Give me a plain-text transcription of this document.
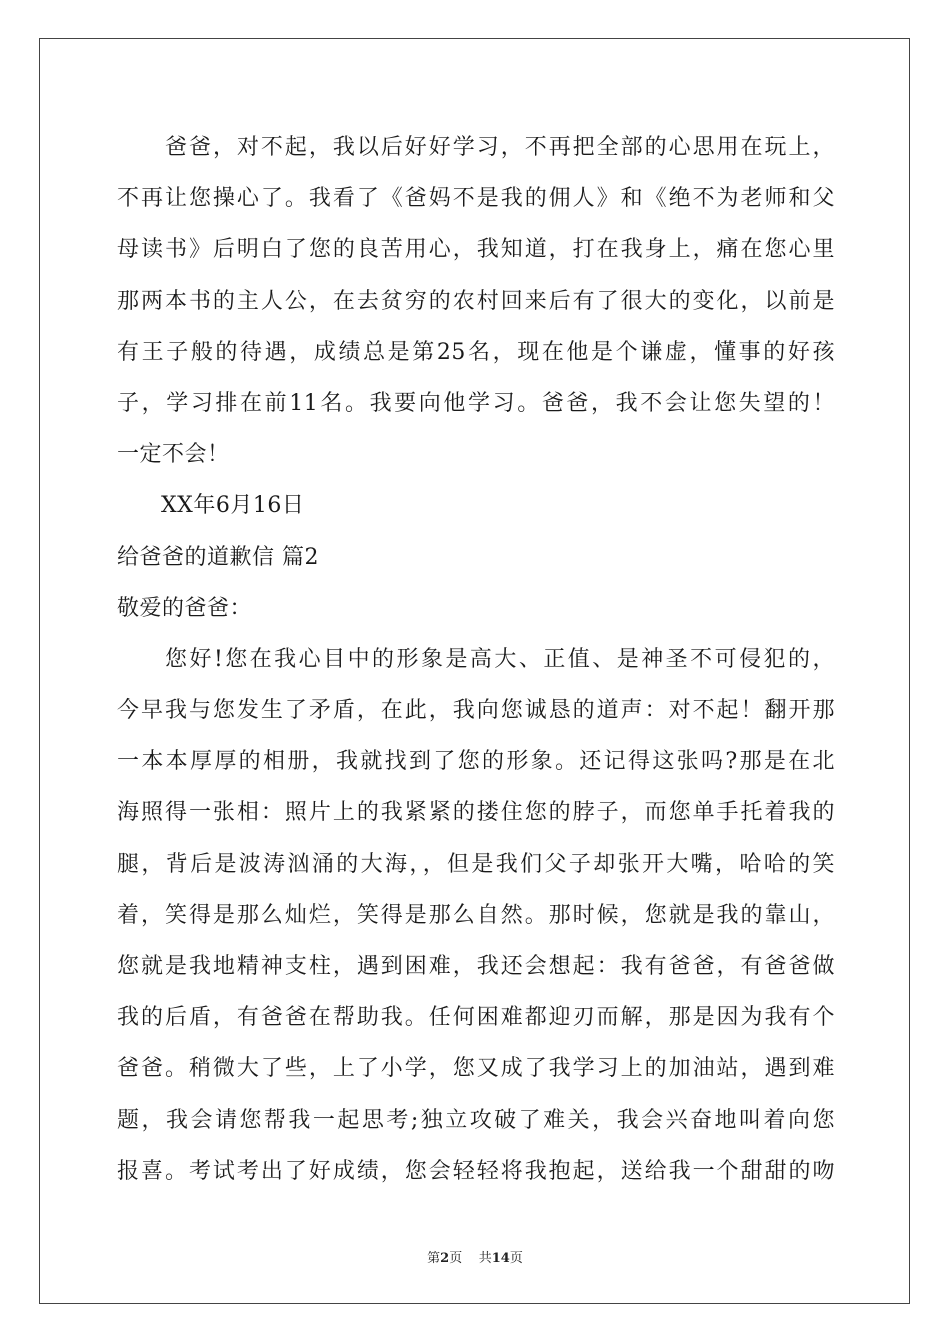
爸爸，对不起，我以后好好学习，不再把全部的心思用在玩上，
不再让您操心了。我看了《爸妈不是我的佣人》和《绝不为老师和父
母读书》后明白了您的良苦用心，我知道，打在我身上，痛在您心里
那两本书的主人公，在去贫穷的农村回来后有了很大的变化，以前是
有王子般的待遇，成绩总是第25名，现在他是个谦虚，懂事的好孩
子，学习排在前11名。我要向他学习。爸爸，我不会让您失望的！
一定不会！
XX年6月16日
给爸爸的道歉信 篇2
敬爱的爸爸：
您好!您在我心目中的形象是高大、正值、是神圣不可侵犯的，
今早我与您发生了矛盾，在此，我向您诚恳的道声：对不起！翻开那
一本本厚厚的相册，我就找到了您的形象。还记得这张吗?那是在北
海照得一张相：照片上的我紧紧的搂住您的脖子，而您单手托着我的
腿，背后是波涛汹涌的大海，，但是我们父子却张开大嘴，哈哈的笑
着，笑得是那么灿烂，笑得是那么自然。那时候，您就是我的靠山，
您就是我地精神支柱，遇到困难，我还会想起：我有爸爸，有爸爸做
我的后盾，有爸爸在帮助我。任何困难都迎刃而解，那是因为我有个
爸爸。稍微大了些，上了小学，您又成了我学习上的加油站，遇到难
题，我会请您帮我一起思考;独立攻破了难关，我会兴奋地叫着向您
报喜。考试考出了好成绩，您会轻轻将我抱起，送给我一个甜甜的吻
第2页 共14页
